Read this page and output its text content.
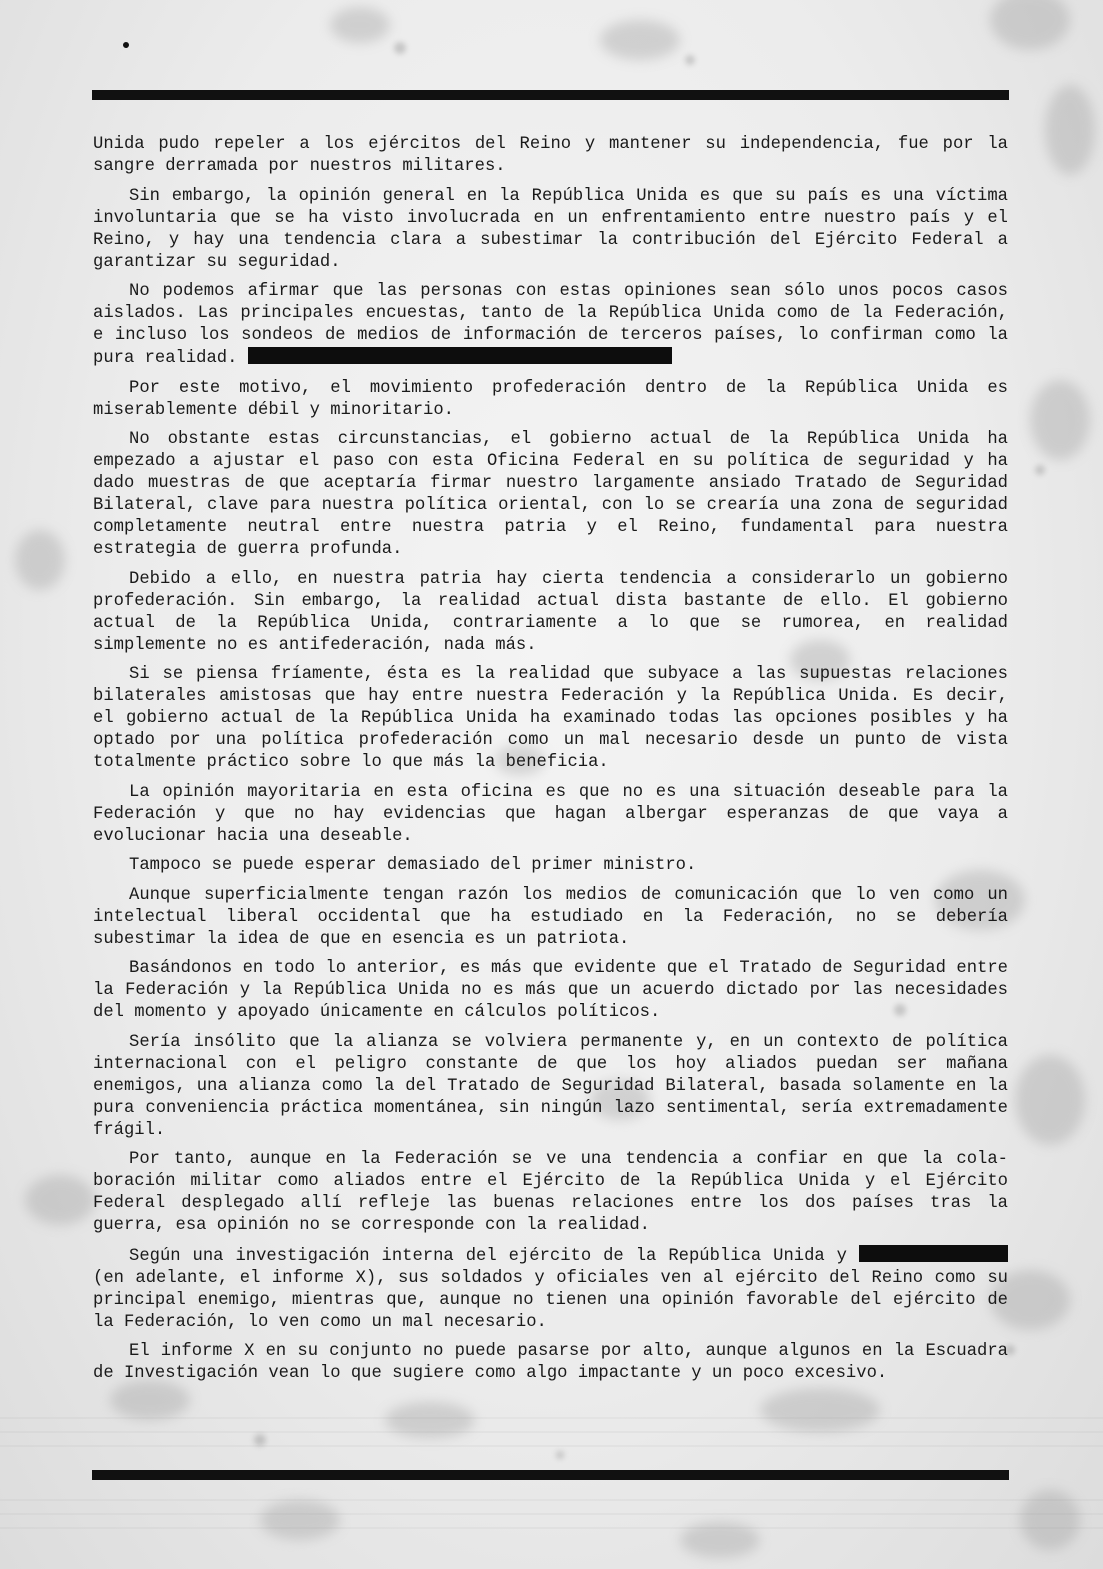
Unida pudo repeler a los ejércitos del Reino y mantener su independencia, fue por la sangre derramada por nuestros militares.

Sin embargo, la opinión general en la República Unida es que su país es una víctima involuntaria que se ha visto involucrada en un enfrentamiento entre nuestro país y el Reino, y hay una tendencia clara a subestimar la contribución del Ejército Federal a garantizar su seguridad.

No podemos afirmar que las personas con estas opiniones sean sólo unos pocos casos aislados. Las principales encuestas, tanto de la República Unida como de la Federación, e incluso los sondeos de medios de información de terceros países, lo confirman como la pura realidad.

Por este motivo, el movimiento profederación dentro de la República Unida es miserablemente débil y minoritario.

No obstante estas circunstancias, el gobierno actual de la República Unida ha empezado a ajustar el paso con esta Oficina Federal en su política de seguridad y ha dado muestras de que aceptaría firmar nuestro largamente ansiado Tratado de Seguridad Bilateral, clave para nuestra política oriental, con lo se crearía una zona de seguridad completamente neutral entre nuestra patria y el Reino, fundamental para nuestra estrategia de guerra profunda.

Debido a ello, en nuestra patria hay cierta tendencia a considerarlo un gobierno profederación. Sin embargo, la realidad actual dista bastante de ello. El gobierno actual de la República Unida, contrariamente a lo que se rumorea, en realidad simplemente no es antifederación, nada más.

Si se piensa fríamente, ésta es la realidad que subyace a las supuestas relaciones bilaterales amistosas que hay entre nuestra Federación y la República Unida. Es decir, el gobierno actual de la República Unida ha examinado todas las opciones posibles y ha optado por una política profederación como un mal necesario desde un punto de vista totalmente práctico sobre lo que más la beneficia.

La opinión mayoritaria en esta oficina es que no es una situación deseable para la Federación y que no hay evidencias que hagan albergar esperanzas de que vaya a evolucionar hacia una deseable.

Tampoco se puede esperar demasiado del primer ministro.

Aunque superficialmente tengan razón los medios de comunicación que lo ven como un intelectual liberal occidental que ha estudiado en la Federación, no se debería subestimar la idea de que en esencia es un patriota.

Basándonos en todo lo anterior, es más que evidente que el Tratado de Seguridad entre la Federación y la República Unida no es más que un acuerdo dictado por las necesidades del momento y apoyado únicamente en cálculos políticos.

Sería insólito que la alianza se volviera permanente y, en un contexto de política internacional con el peligro constante de que los hoy aliados puedan ser mañana enemigos, una alianza como la del Tratado de Seguridad Bilateral, basada solamente en la pura conveniencia práctica momentánea, sin ningún lazo sentimental, sería extremadamente frágil.

Por tanto, aunque en la Federación se ve una tendencia a confiar en que la colaboración militar como aliados entre el Ejército de la República Unida y el Ejército Federal desplegado allí refleje las buenas relaciones entre los dos países tras la guerra, esa opinión no se corresponde con la realidad.

Según una investigación interna del ejército de la República Unida y  (en adelante, el informe X), sus soldados y oficiales ven al ejército del Reino como su principal enemigo, mientras que, aunque no tienen una opinión favorable del ejército de la Federación, lo ven como un mal necesario.

El informe X en su conjunto no puede pasarse por alto, aunque algunos en la Escuadra de Investigación vean lo que sugiere como algo impactante y un poco excesivo.
